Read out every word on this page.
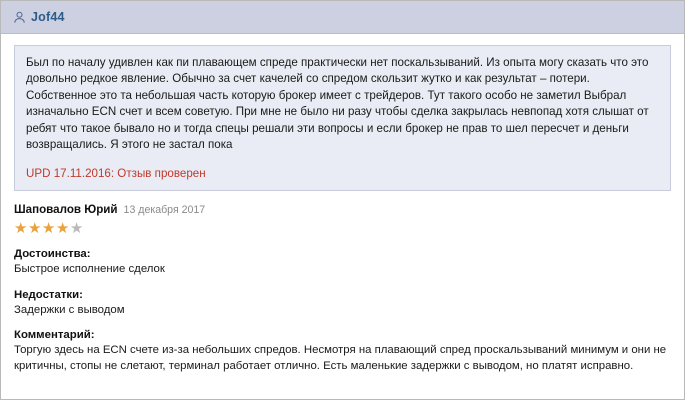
Jof44
Был по началу удивлен как пи плавающем спреде практически нет поскальзываний. Из опыта могу сказать что это довольно редкое явление. Обычно за счет качелей со спредом скользит жутко и как результат – потери. Собственное это та небольшая часть которую брокер имеет с трейдеров. Тут такого особо не заметил Выбрал изначально ECN счет и всем советую. При мне не было ни разу чтобы сделка закрылась невпопад хотя слышат от ребят что такое бывало но и тогда спецы решали эти вопросы и если брокер не прав то шел пересчет и деньги возвращались. Я этого не застал пока
UPD 17.11.2016: Отзыв проверен
Шаповалов Юрий 13 декабря 2017
★★★★★
Достоинства:
Быстрое исполнение сделок
Недостатки:
Задержки с выводом
Комментарий:
Торгую здесь на ECN счете из-за небольших спредов. Несмотря на плавающий спред проскальзываний минимум и они не критичны, стопы не слетают, терминал работает отлично. Есть маленькие задержки с выводом, но платят исправно.
